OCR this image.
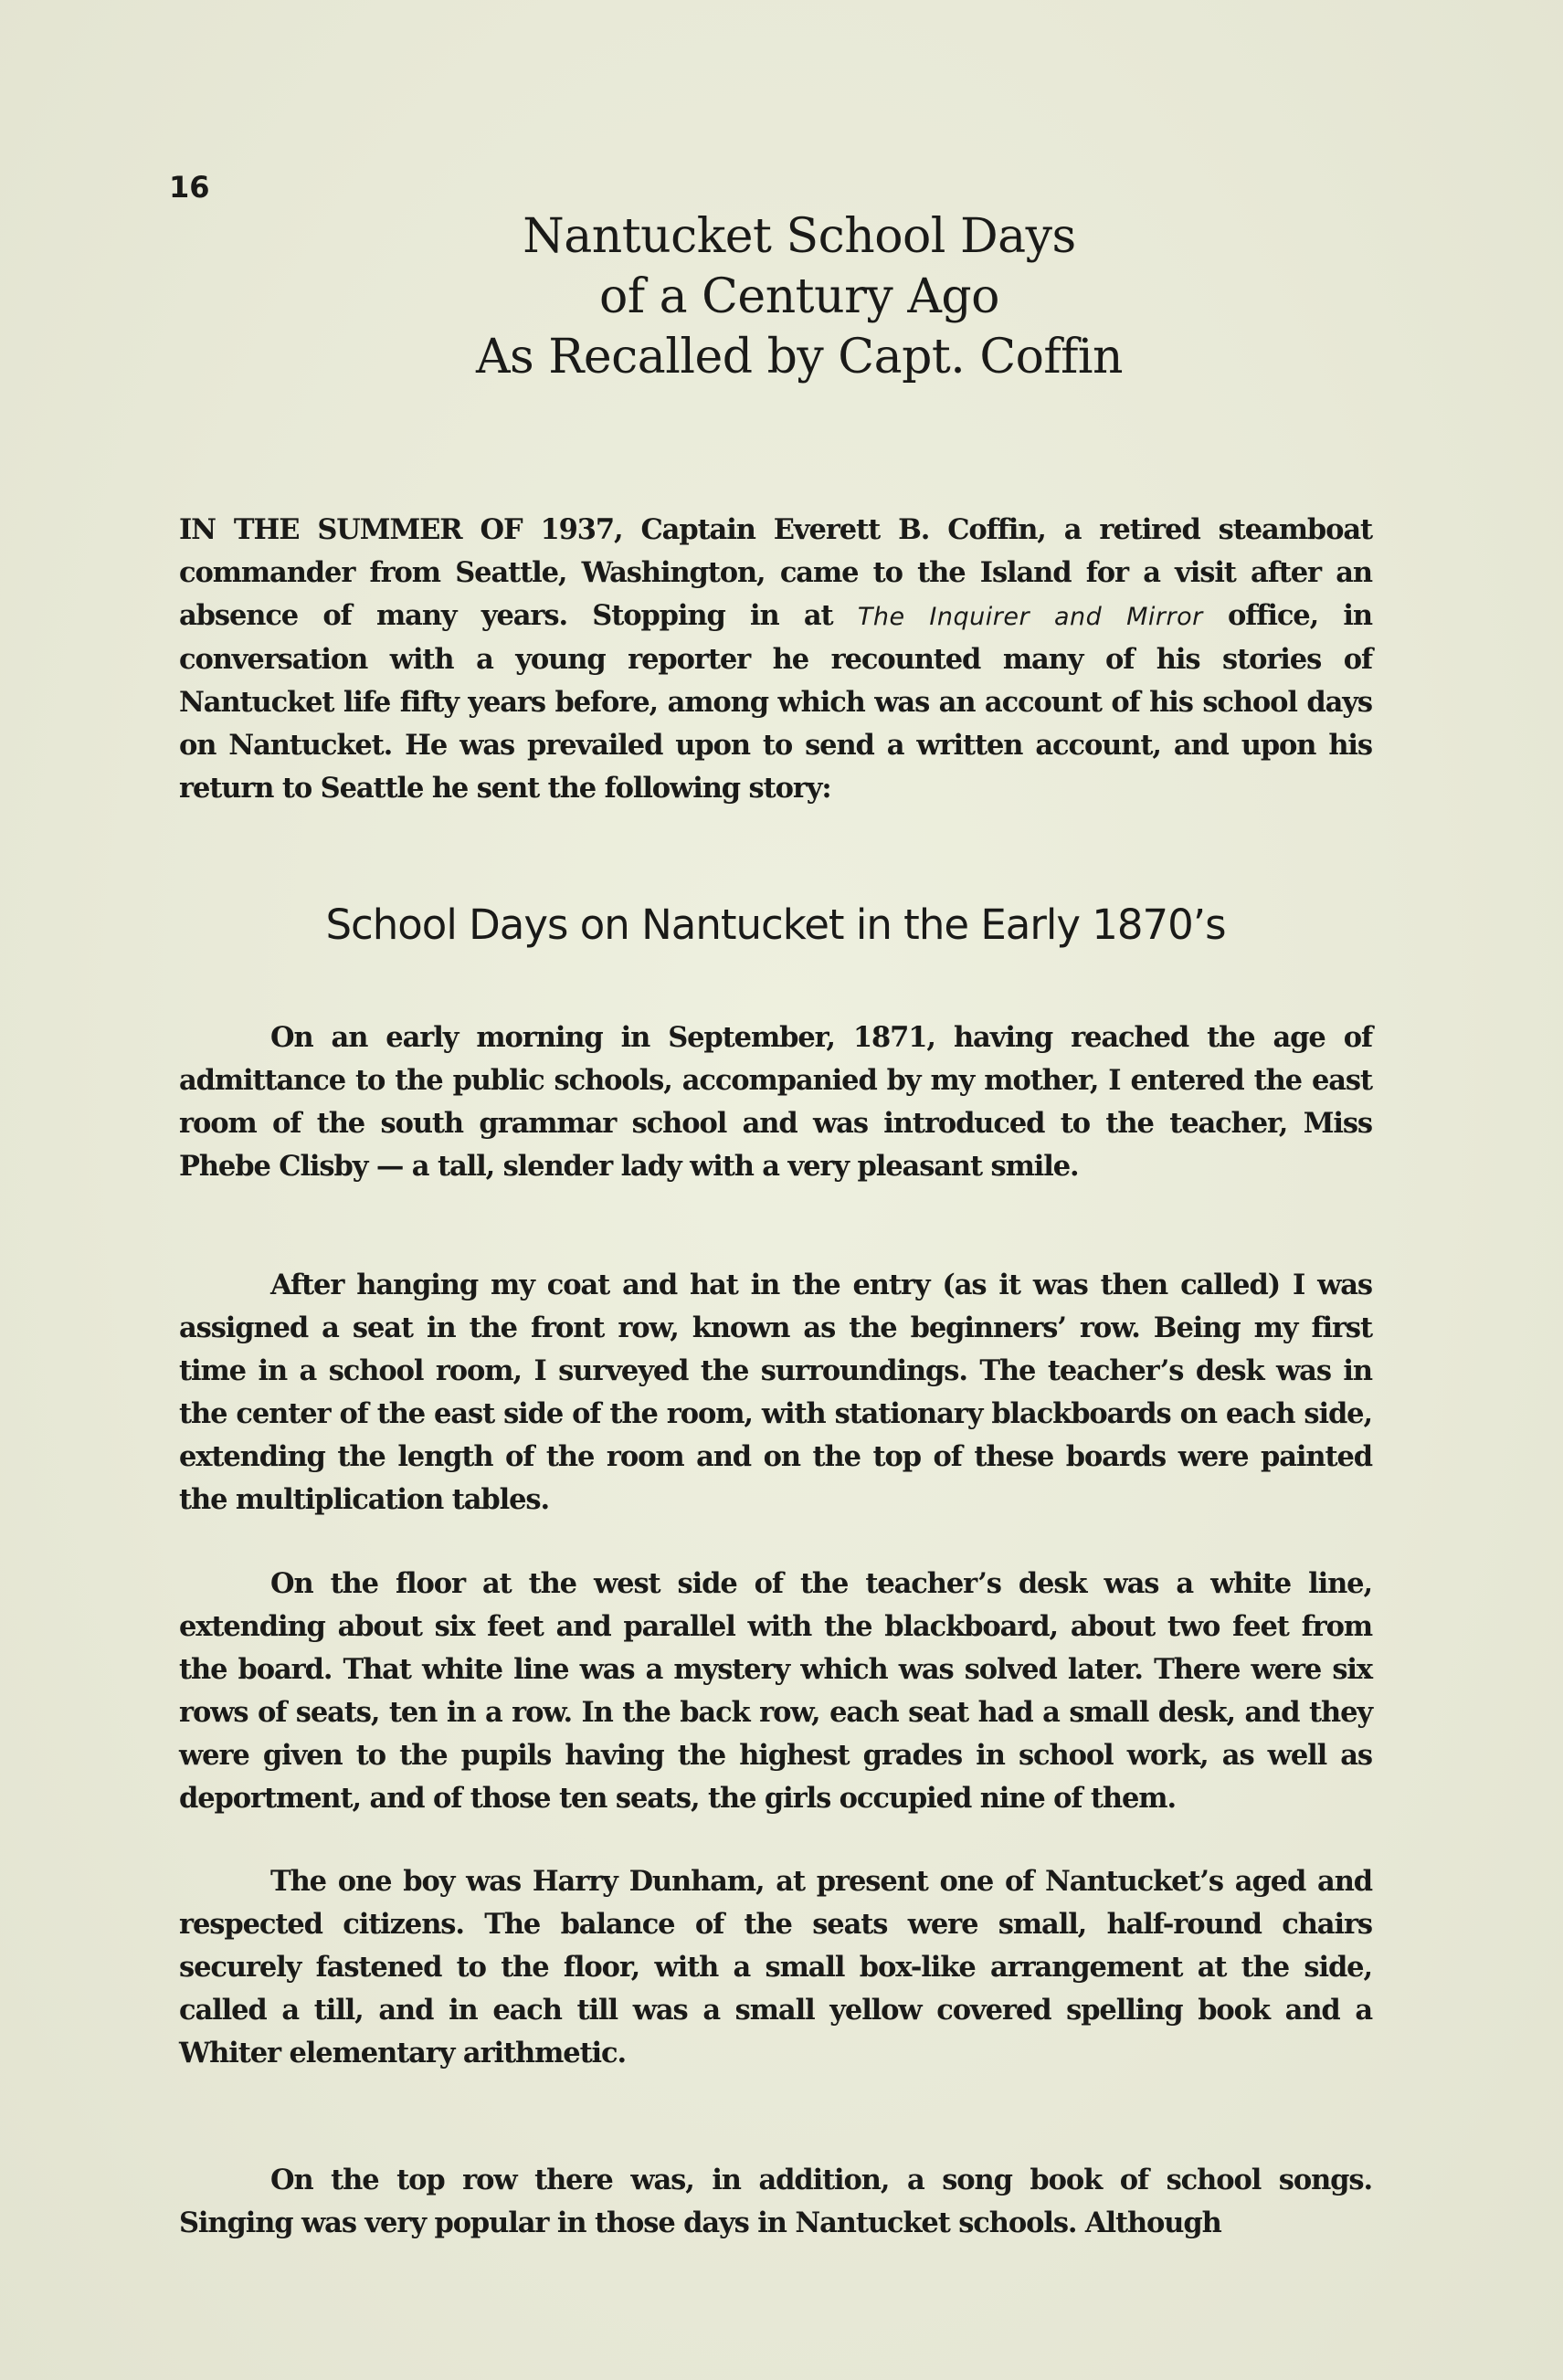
16
Nantucket School Days
of a Century Ago
As Recalled by Capt. Coffin

IN THE SUMMER OF 1937, Captain Everett B. Coffin, a retired steamboat commander from Seattle, Washington, came to the Island for a visit after an absence of many years. Stopping in at The Inquirer and Mirror office, in conversation with a young reporter he recounted many of his stories of Nantucket life fifty years before, among which was an account of his school days on Nantucket. He was prevailed upon to send a written account, and upon his return to Seattle he sent the following story:

School Days on Nantucket in the Early 1870’s

On an early morning in September, 1871, having reached the age of admittance to the public schools, accompanied by my mother, I entered the east room of the south grammar school and was introduced to the teacher, Miss Phebe Clisby — a tall, slender lady with a very pleasant smile.

After hanging my coat and hat in the entry (as it was then called) I was assigned a seat in the front row, known as the beginners’ row. Being my first time in a school room, I surveyed the surroundings. The teacher’s desk was in the center of the east side of the room, with stationary blackboards on each side, extending the length of the room and on the top of these boards were painted the multiplication tables.

On the floor at the west side of the teacher’s desk was a white line, extending about six feet and parallel with the blackboard, about two feet from the board. That white line was a mystery which was solved later. There were six rows of seats, ten in a row. In the back row, each seat had a small desk, and they were given to the pupils having the highest grades in school work, as well as deportment, and of those ten seats, the girls occupied nine of them.

The one boy was Harry Dunham, at present one of Nantucket’s aged and respected citizens. The balance of the seats were small, half-round chairs securely fastened to the floor, with a small box-like arrangement at the side, called a till, and in each till was a small yellow covered spelling book and a Whiter elementary arithmetic.

On the top row there was, in addition, a song book of school songs. Singing was very popular in those days in Nantucket schools. Although
